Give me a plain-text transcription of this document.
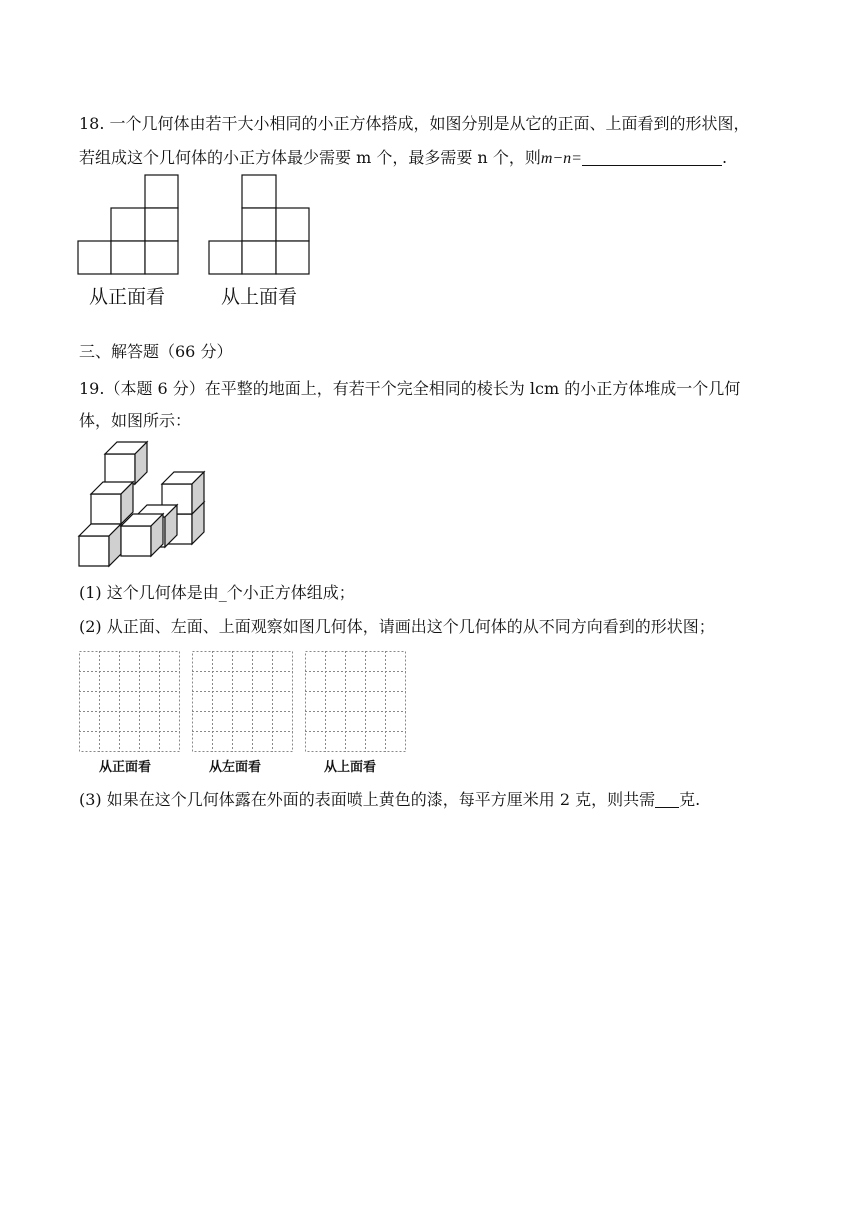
18. 一个几何体由若干大小相同的小正方体搭成，如图分别是从它的正面、上面看到的形状图，
若组成这个几何体的小正方体最少需要 m 个，最多需要 n 个，则m−n=	.
从正面看	从上面看
三、解答题（66 分）
19.（本题 6 分）在平整的地面上，有若干个完全相同的棱长为 lcm 的小正方体堆成一个几何
体，如图所示：
(1) 这个几何体是由_个小正方体组成；
(2) 从正面、左面、上面观察如图几何体，请画出这个几何体的从不同方向看到的形状图；
从正面看	从左面看	从上面看
(3) 如果在这个几何体露在外面的表面喷上黄色的漆，每平方厘米用 2 克，则共需 克.
